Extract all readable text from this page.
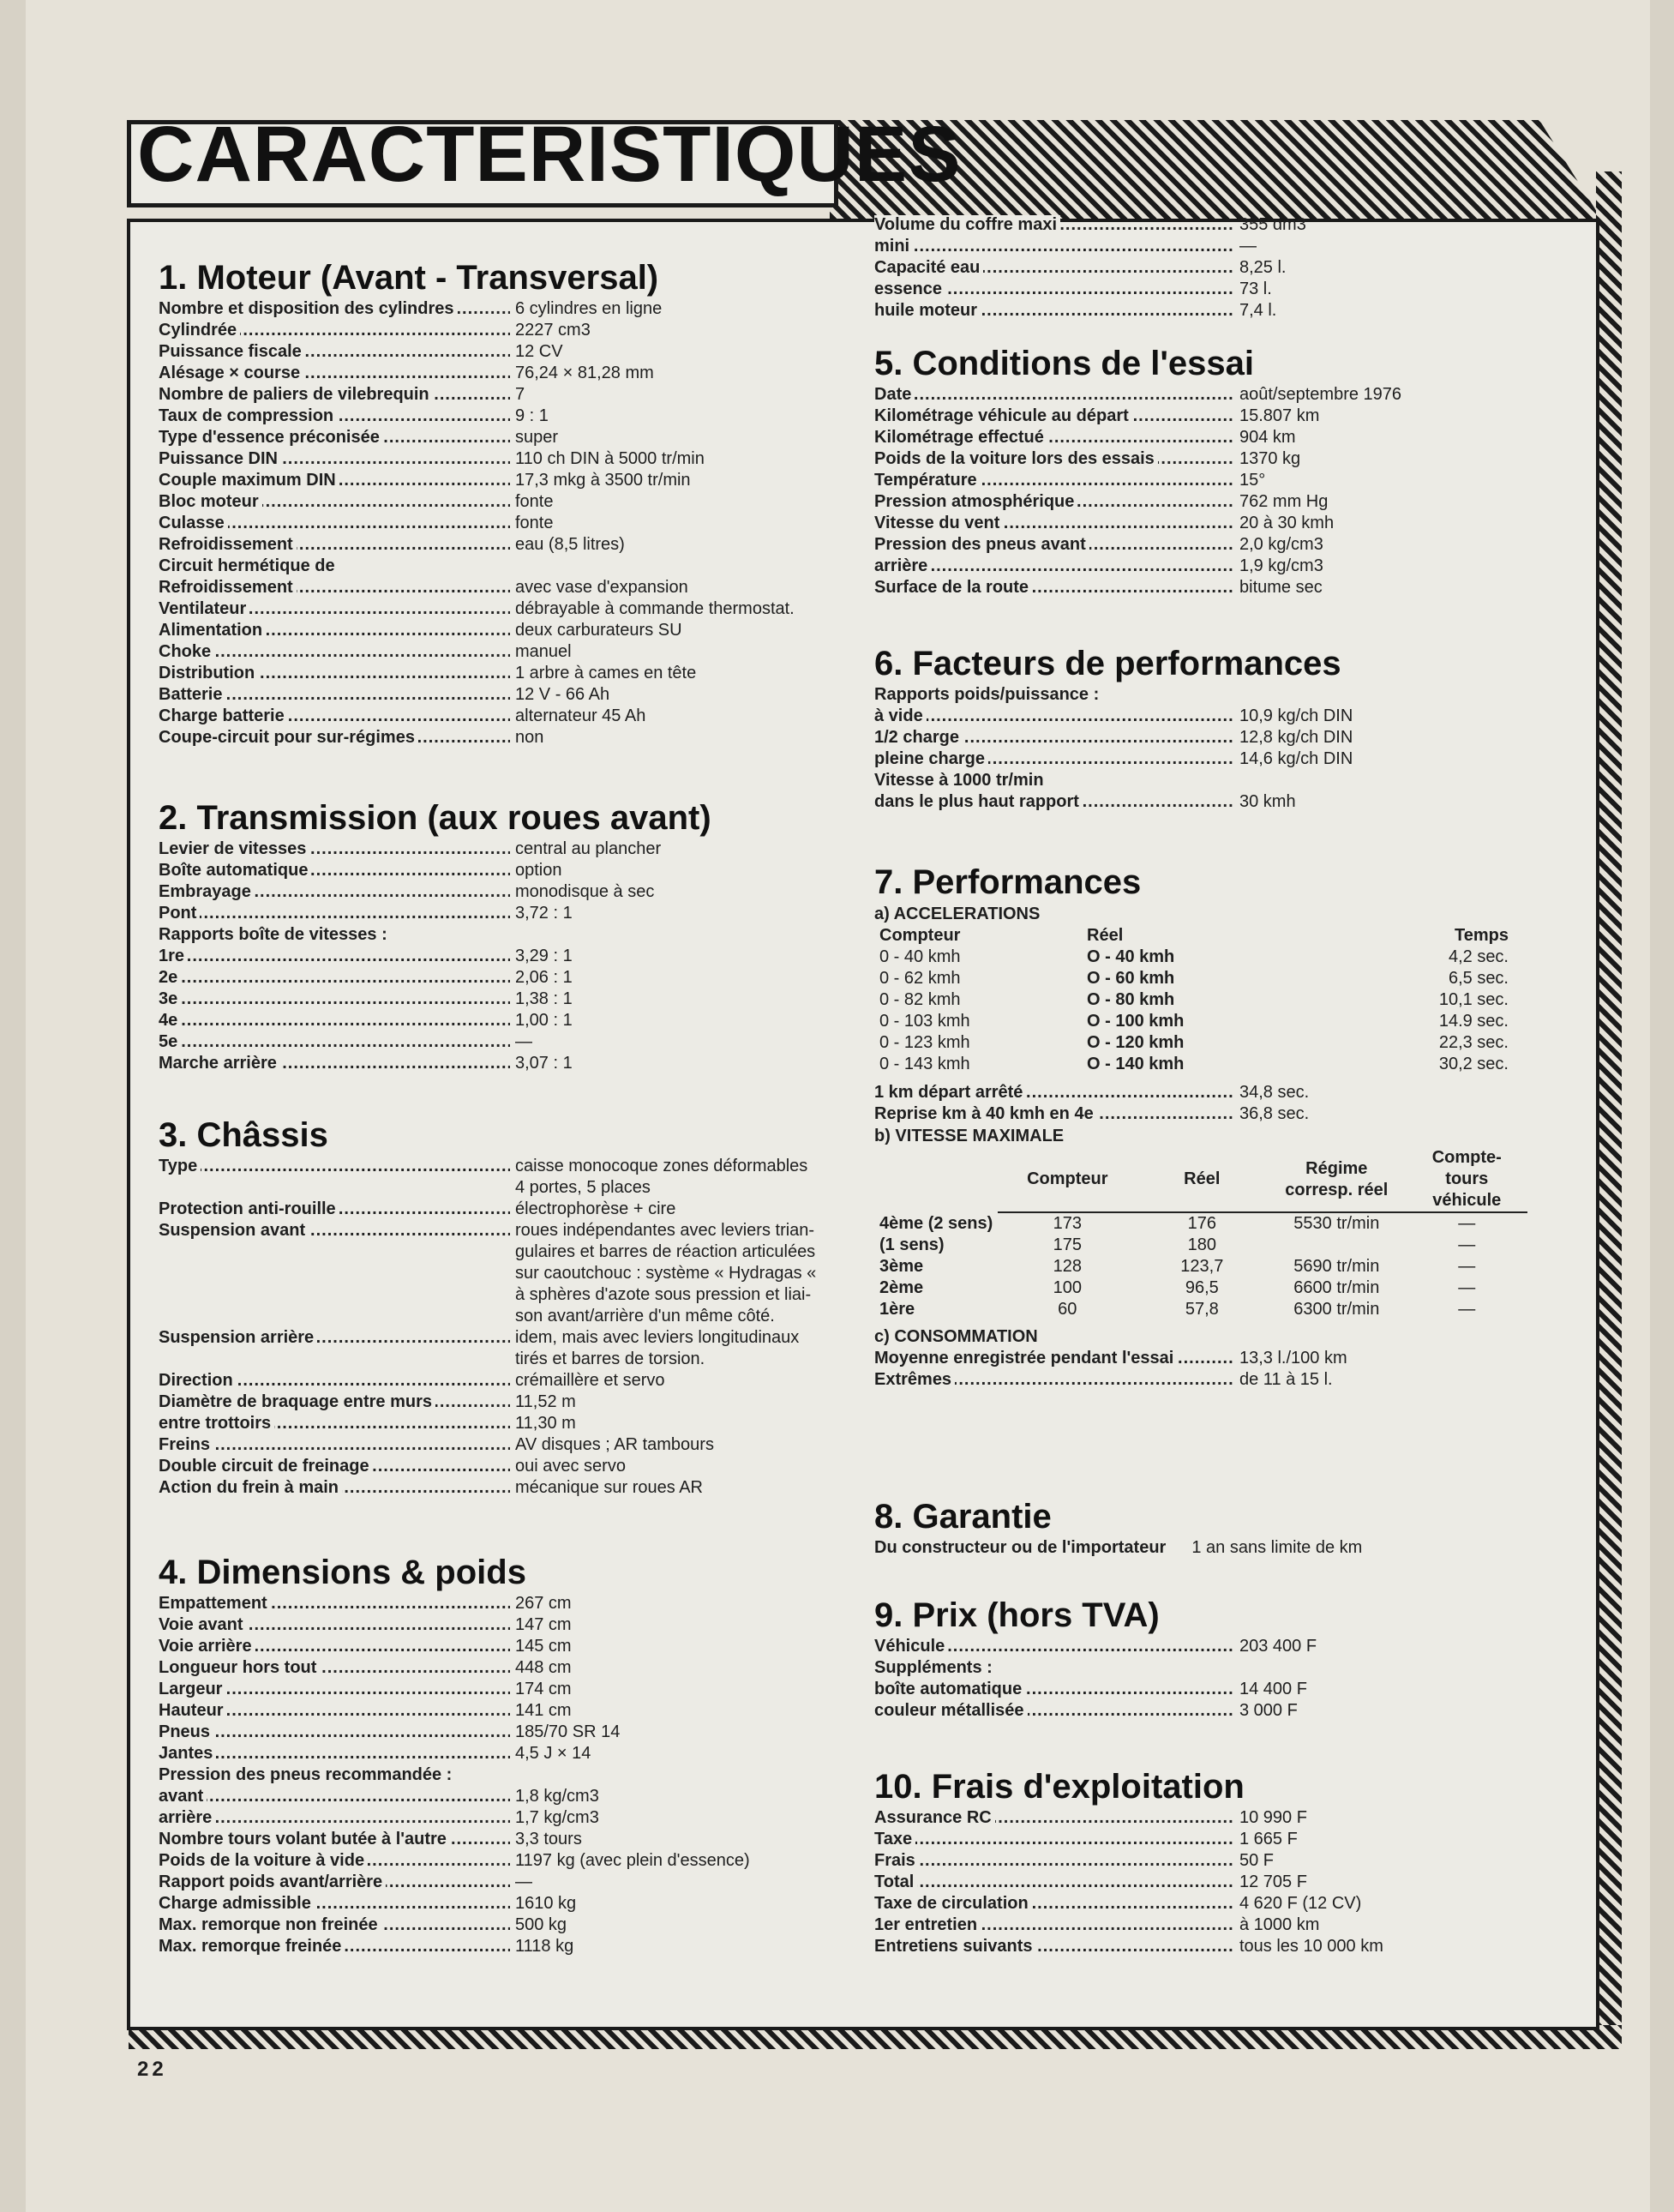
CARACTERISTIQUES
1. Moteur (Avant - Transversal)
Nombre et disposition des cylindres .....	6 cylindres en ligne
Cylindrée .....	2227 cm3
Puissance fiscale .....	12 CV
Alésage × course .....	76,24 × 81,28 mm
Nombre de paliers de vilebrequin .....	7
Taux de compression .....	9 : 1
Type d'essence préconisée .....	super
Puissance DIN .....	110 ch DIN à 5000 tr/min
Couple maximum DIN .....	17,3 mkg à 3500 tr/min
Bloc moteur .....	fonte
Culasse .....	fonte
Refroidissement .....	eau (8,5 litres)
Circuit hermétique de
Refroidissement .....	avec vase d'expansion
Ventilateur .....	débrayable à commande thermostat.
Alimentation .....	deux carburateurs SU
Choke .....	manuel
Distribution .....	1 arbre à cames en tête
Batterie .....	12 V - 66 Ah
Charge batterie .....	alternateur 45 Ah
Coupe-circuit pour sur-régimes .....	non
2. Transmission (aux roues avant)
Levier de vitesses .....	central au plancher
Boîte automatique .....	option
Embrayage .....	monodisque à sec
Pont .....	3,72 : 1
Rapports boîte de vitesses :
1re .....	3,29 : 1
2e .....	2,06 : 1
3e .....	1,38 : 1
4e .....	1,00 : 1
5e .....	—
Marche arrière .....	3,07 : 1
3. Châssis
Type .....	caisse monocoque zones déformables
4 portes, 5 places
Protection anti-rouille .....	électrophorèse + cire
Suspension avant .....	roues indépendantes avec leviers trian-
gulaires et barres de réaction articulées
sur caoutchouc : système « Hydragas «
à sphères d'azote sous pression et liai-
son avant/arrière d'un même côté.
Suspension arrière .....	idem, mais avec leviers longitudinaux
tirés et barres de torsion.
Direction .....	crémaillère et servo
Diamètre de braquage entre murs .....	11,52 m
entre trottoirs .....	11,30 m
Freins .....	AV disques ; AR tambours
Double circuit de freinage .....	oui avec servo
Action du frein à main .....	mécanique sur roues AR
4. Dimensions & poids
Empattement .....	267 cm
Voie avant .....	147 cm
Voie arrière .....	145 cm
Longueur hors tout .....	448 cm
Largeur .....	174 cm
Hauteur .....	141 cm
Pneus .....	185/70 SR 14
Jantes .....	4,5 J × 14
Pression des pneus recommandée :
avant .....	1,8 kg/cm3
arrière .....	1,7 kg/cm3
Nombre tours volant butée à l'autre .....	3,3 tours
Poids de la voiture à vide .....	1197 kg (avec plein d'essence)
Rapport poids avant/arrière .....	—
Charge admissible .....	1610 kg
Max. remorque non freinée .....	500 kg
Max. remorque freinée .....	1118 kg
Volume du coffre maxi .....	355 dm3
mini .....	—
Capacité eau .....	8,25 l.
essence .....	73 l.
huile moteur .....	7,4 l.
5. Conditions de l'essai
Date .....	août/septembre 1976
Kilométrage véhicule au départ .....	15.807 km
Kilométrage effectué .....	904 km
Poids de la voiture lors des essais .....	1370 kg
Température .....	15°
Pression atmosphérique .....	762 mm Hg
Vitesse du vent .....	20 à 30 kmh
Pression des pneus avant .....	2,0 kg/cm3
arrière .....	1,9 kg/cm3
Surface de la route .....	bitume sec
6. Facteurs de performances
Rapports poids/puissance :
à vide .....	10,9 kg/ch DIN
1/2 charge .....	12,8 kg/ch DIN
pleine charge .....	14,6 kg/ch DIN
Vitesse à 1000 tr/min
dans le plus haut rapport .....	30 kmh
7. Performances
a) ACCELERATIONS
Compteur	Réel	Temps
0 - 40 kmh	O - 40 kmh	4,2 sec.
0 - 62 kmh	O - 60 kmh	6,5 sec.
0 - 82 kmh	O - 80 kmh	10,1 sec.
0 - 103 kmh	O - 100 kmh	14.9 sec.
0 - 123 kmh	O - 120 kmh	22,3 sec.
0 - 143 kmh	O - 140 kmh	30,2 sec.
1 km départ arrêté .....	34,8 sec.
Reprise km à 40 kmh en 4e .....	36,8 sec.
b) VITESSE MAXIMALE
	Compteur	Réel	Régime corresp. réel	Compte-tours véhicule
4ème (2 sens)	173	176	5530 tr/min	—
(1 sens)	175	180		—
3ème	128	123,7	5690 tr/min	—
2ème	100	96,5	6600 tr/min	—
1ère	60	57,8	6300 tr/min	—
c) CONSOMMATION
Moyenne enregistrée pendant l'essai .....	13,3 l./100 km
Extrêmes .....	de 11 à 15 l.
8. Garantie
Du constructeur ou de l'importateur	1 an sans limite de km
9. Prix (hors TVA)
Véhicule .....	203 400 F
Suppléments :
boîte automatique .....	14 400 F
couleur métallisée .....	3 000 F
10. Frais d'exploitation
Assurance RC .....	10 990 F
Taxe .....	1 665 F
Frais .....	50 F
Total .....	12 705 F
Taxe de circulation .....	4 620 F (12 CV)
1er entretien .....	à 1000 km
Entretiens suivants .....	tous les 10 000 km
22
